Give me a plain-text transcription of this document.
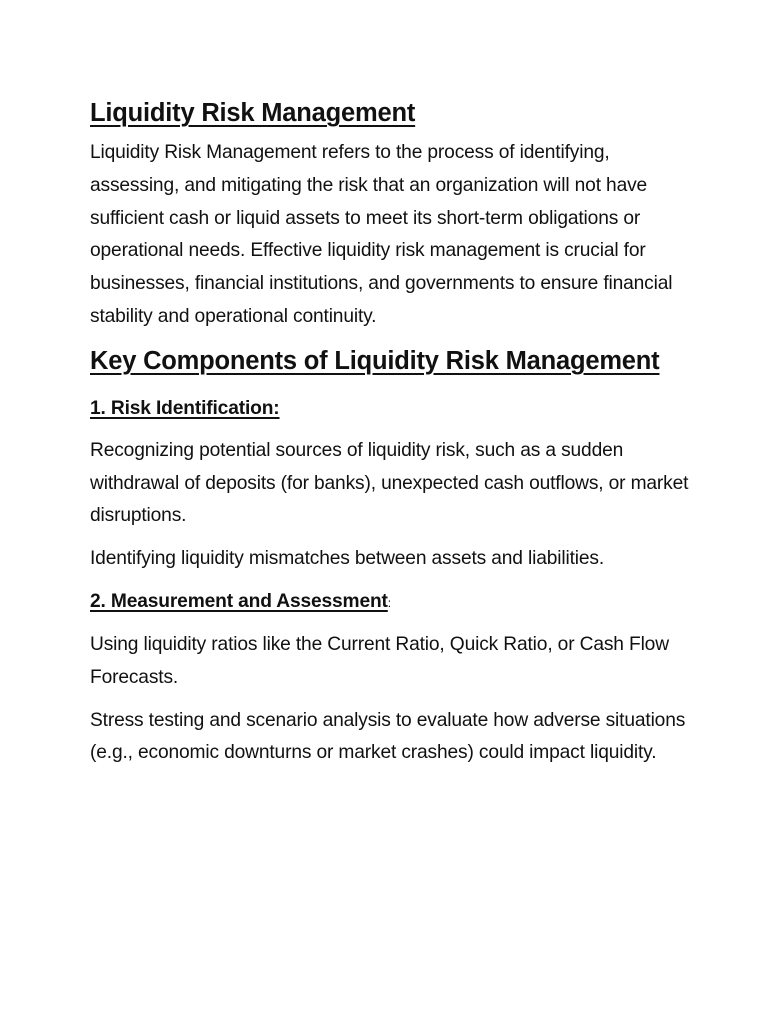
Liquidity Risk Management

Liquidity Risk Management refers to the process of identifying, assessing, and mitigating the risk that an organization will not have sufficient cash or liquid assets to meet its short-term obligations or operational needs. Effective liquidity risk management is crucial for businesses, financial institutions, and governments to ensure financial stability and operational continuity.

Key Components of Liquidity Risk Management
1. Risk Identification:

Recognizing potential sources of liquidity risk, such as a sudden withdrawal of deposits (for banks), unexpected cash outflows, or market disruptions.

Identifying liquidity mismatches between assets and liabilities.

2. Measurement and Assessment:

Using liquidity ratios like the Current Ratio, Quick Ratio, or Cash Flow Forecasts.

Stress testing and scenario analysis to evaluate how adverse situations (e.g., economic downturns or market crashes) could impact liquidity.
